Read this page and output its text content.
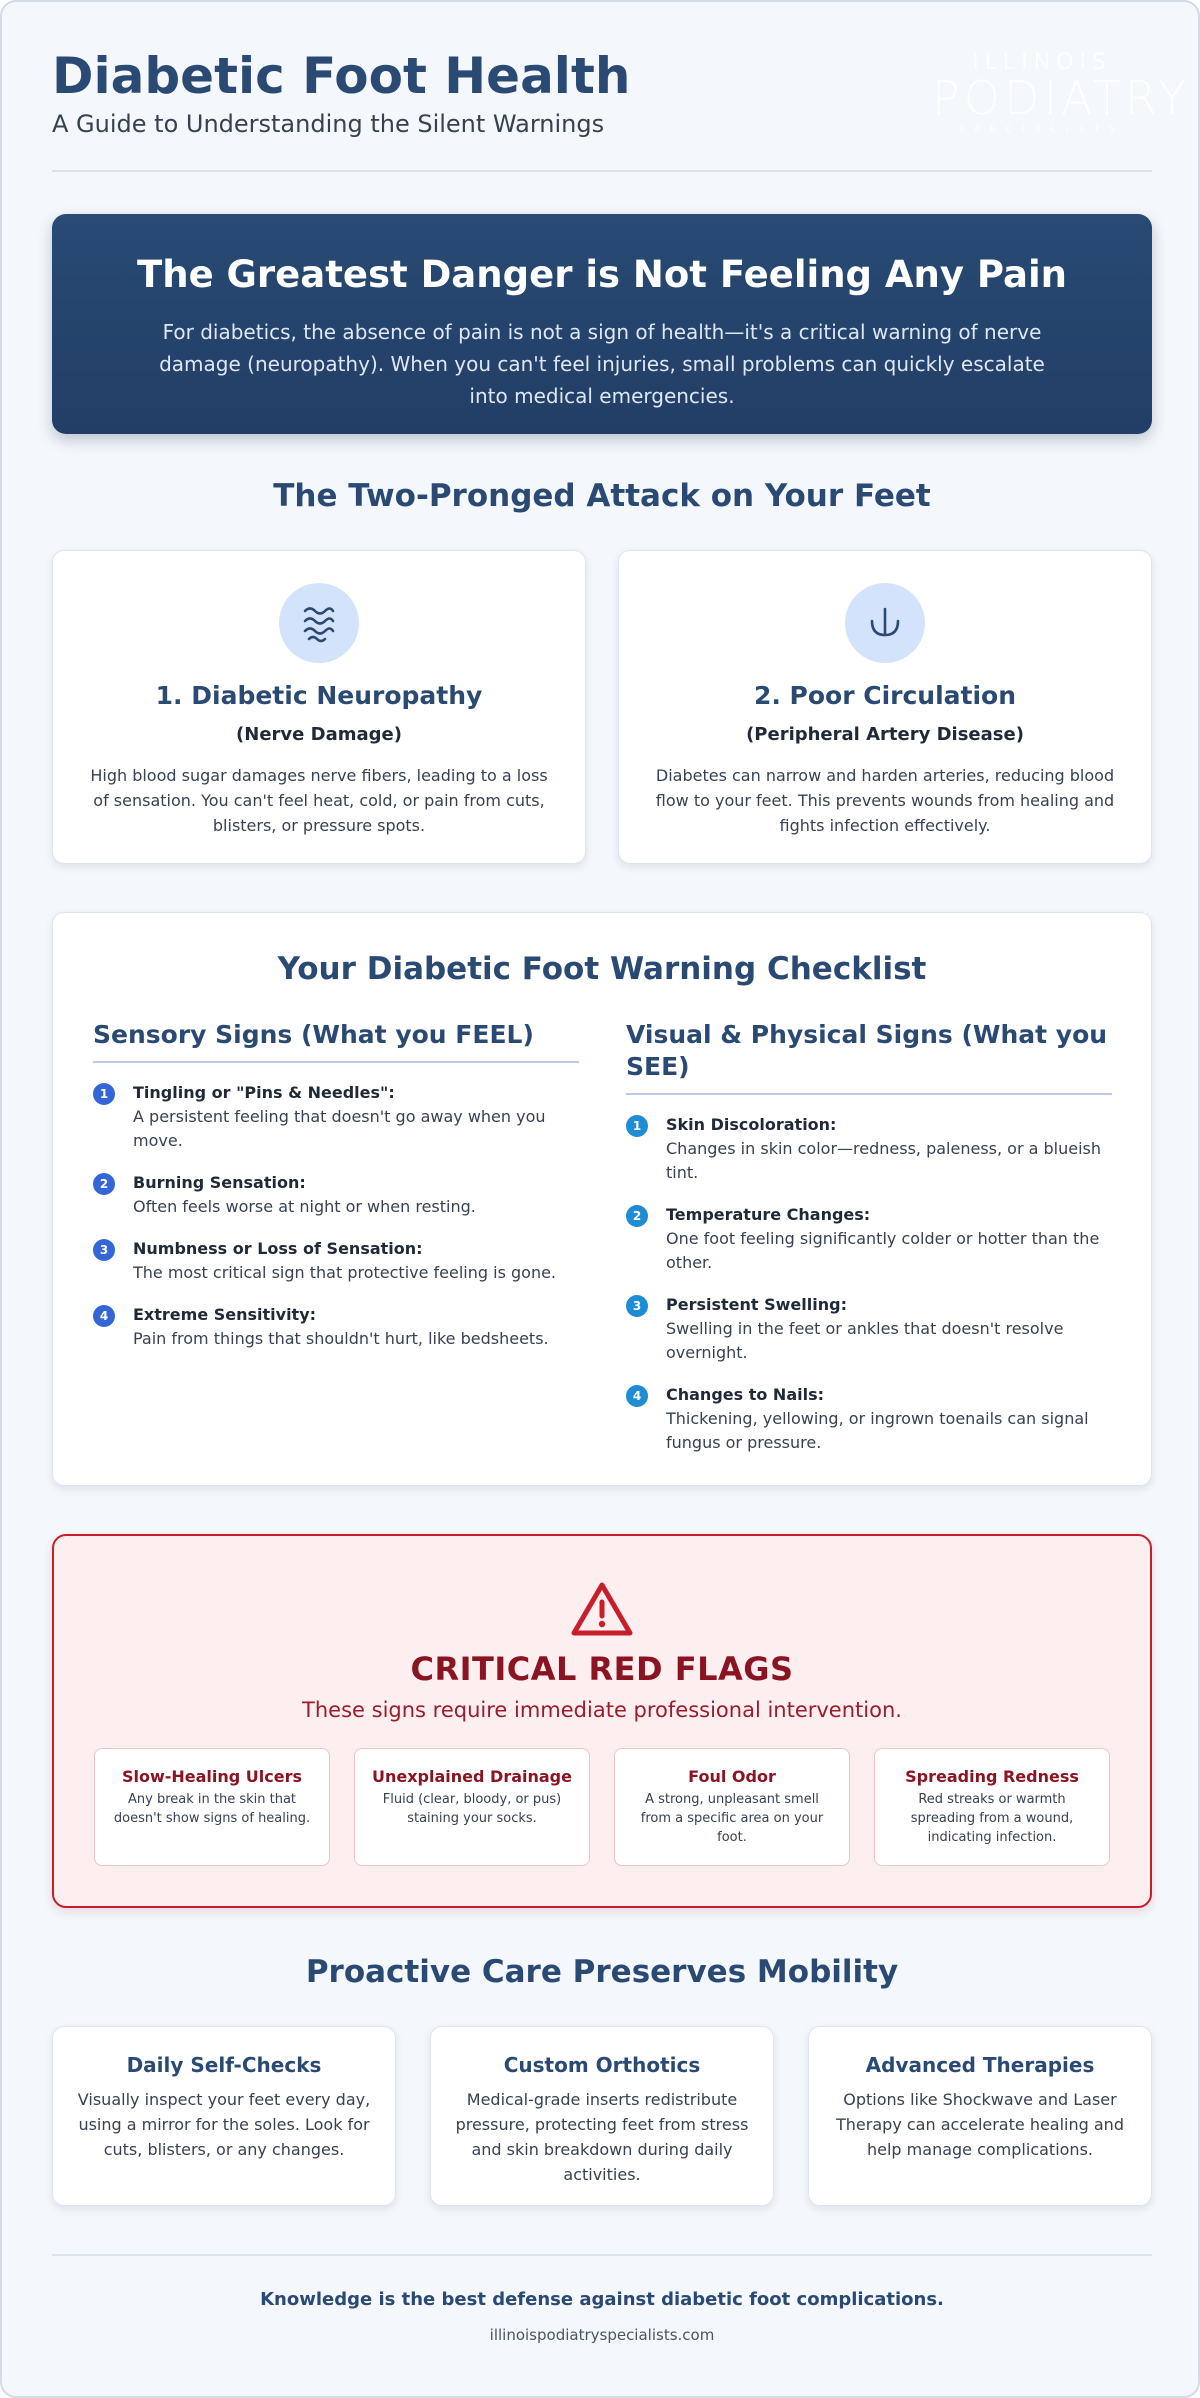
Diabetic Foot Health
A Guide to Understanding the Silent Warnings
ILLINOIS
PODIATRY
SPECIALISTS
The Greatest Danger is Not Feeling Any Pain

For diabetics, the absence of pain is not a sign of health—it's a critical warning of nerve damage (neuropathy). When you can't feel injuries, small problems can quickly escalate into medical emergencies.

The Two-Pronged Attack on Your Feet
1. Diabetic Neuropathy
(Nerve Damage)

High blood sugar damages nerve fibers, leading to a loss of sensation. You can't feel heat, cold, or pain from cuts, blisters, or pressure spots.

2. Poor Circulation
(Peripheral Artery Disease)

Diabetes can narrow and harden arteries, reducing blood flow to your feet. This prevents wounds from healing and fights infection effectively.

Your Diabetic Foot Warning Checklist
Sensory Signs (What you FEEL)
1	Tingling or "Pins & Needles":
A persistent feeling that doesn't go away when you move.
2	Burning Sensation:
Often feels worse at night or when resting.
3	Numbness or Loss of Sensation:
The most critical sign that protective feeling is gone.
4	Extreme Sensitivity:
Pain from things that shouldn't hurt, like bedsheets.
Visual & Physical Signs (What you SEE)
1	Skin Discoloration:
Changes in skin color—redness, paleness, or a blueish tint.
2	Temperature Changes:
One foot feeling significantly colder or hotter than the other.
3	Persistent Swelling:
Swelling in the feet or ankles that doesn't resolve overnight.
4	Changes to Nails:
Thickening, yellowing, or ingrown toenails can signal fungus or pressure.
CRITICAL RED FLAGS
These signs require immediate professional intervention.
Slow-Healing Ulcers
Any break in the skin that doesn't show signs of healing.
Unexplained Drainage
Fluid (clear, bloody, or pus) staining your socks.
Foul Odor
A strong, unpleasant smell from a specific area on your foot.
Spreading Redness
Red streaks or warmth spreading from a wound, indicating infection.
Proactive Care Preserves Mobility
Daily Self-Checks

Visually inspect your feet every day, using a mirror for the soles. Look for cuts, blisters, or any changes.

Custom Orthotics

Medical-grade inserts redistribute pressure, protecting feet from stress and skin breakdown during daily activities.

Advanced Therapies

Options like Shockwave and Laser Therapy can accelerate healing and help manage complications.

Knowledge is the best defense against diabetic foot complications.
illinoispodiatryspecialists.com
